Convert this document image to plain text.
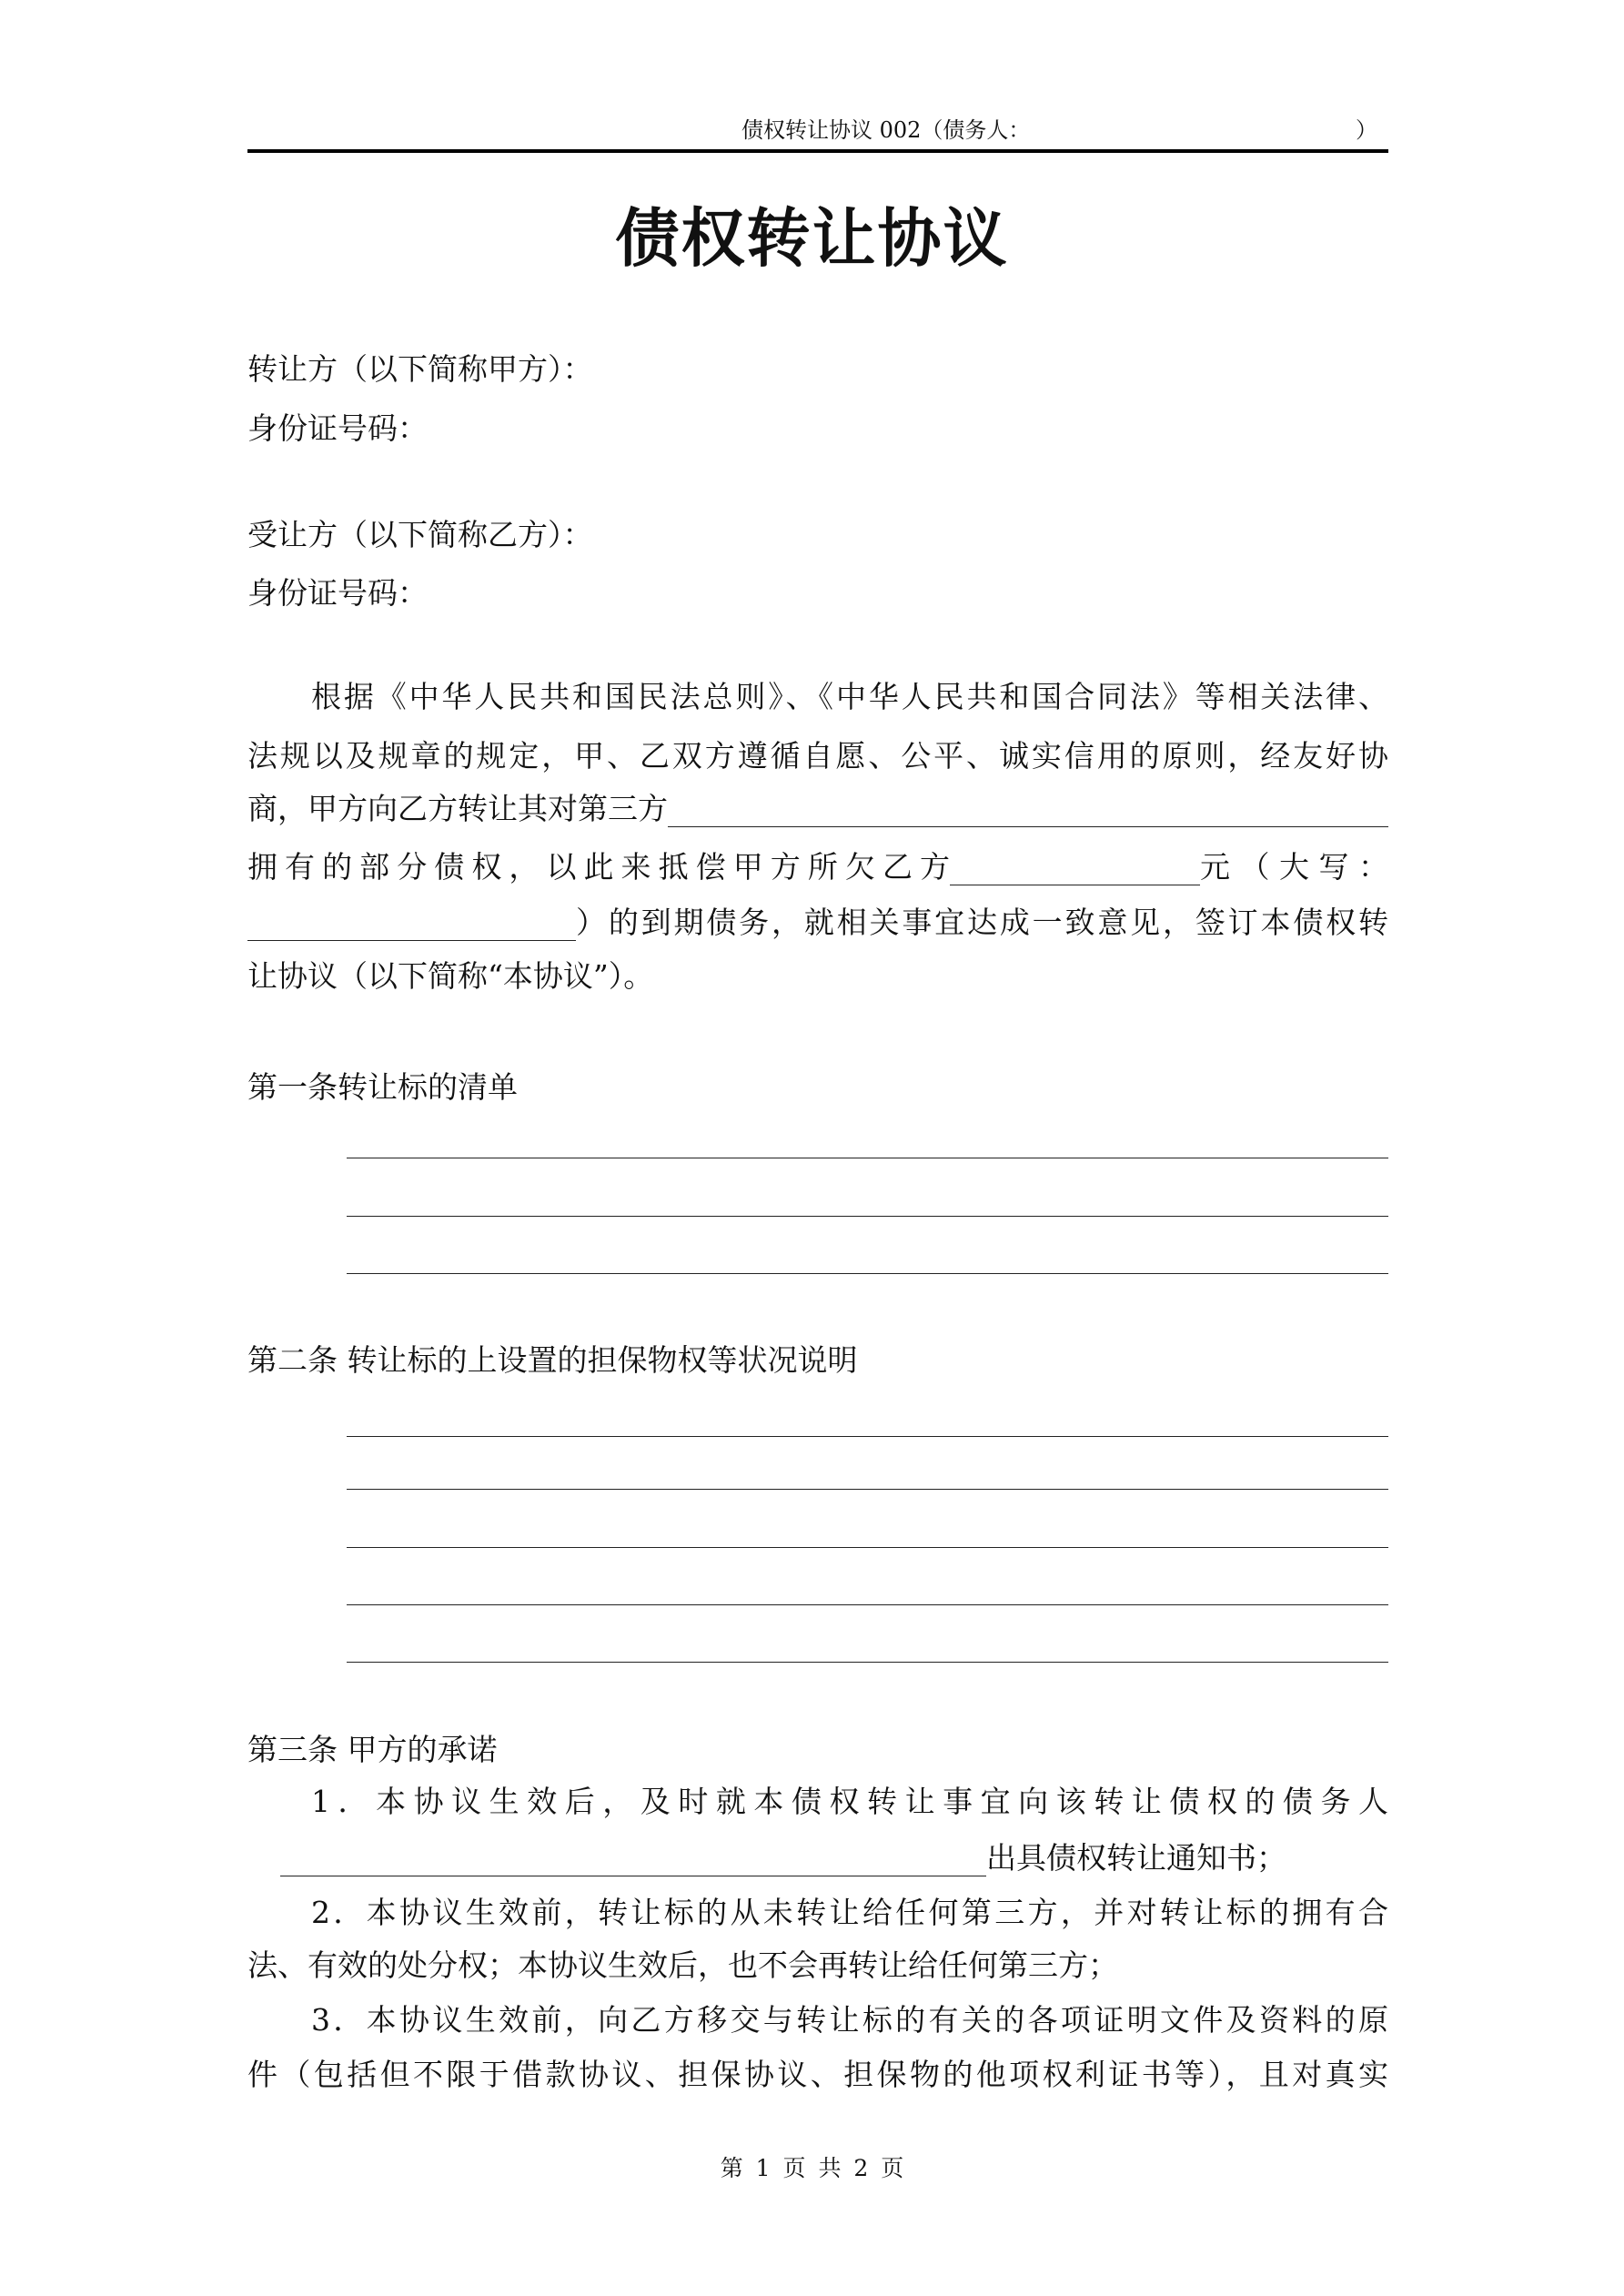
债权转让协议 002（债务人：	）
债权转让协议
转让方（以下简称甲方）：
身份证号码：
受让方（以下简称乙方）：
身份证号码：
根据《中华人民共和国民法总则》、《中华人民共和国合同法》等相关法律、
法规以及规章的规定，甲、乙双方遵循自愿、公平、诚实信用的原则，经友好协
商，甲方向乙方转让其对第三方
拥有的部分债权，以此来抵偿甲方所欠乙方	元（大写：
）的到期债务，就相关事宜达成一致意见，签订本债权转
让协议（以下简称“本协议”）。
第一条转让标的清单
第二条 转让标的上设置的担保物权等状况说明
第三条 甲方的承诺
1．本协议生效后，及时就本债权转让事宜向该转让债权的债务人
出具债权转让通知书；
2．本协议生效前，转让标的从未转让给任何第三方，并对转让标的拥有合
法、有效的处分权；本协议生效后，也不会再转让给任何第三方；
3．本协议生效前，向乙方移交与转让标的有关的各项证明文件及资料的原
件（包括但不限于借款协议、担保协议、担保物的他项权利证书等），且对真实
第 1 页 共 2 页
